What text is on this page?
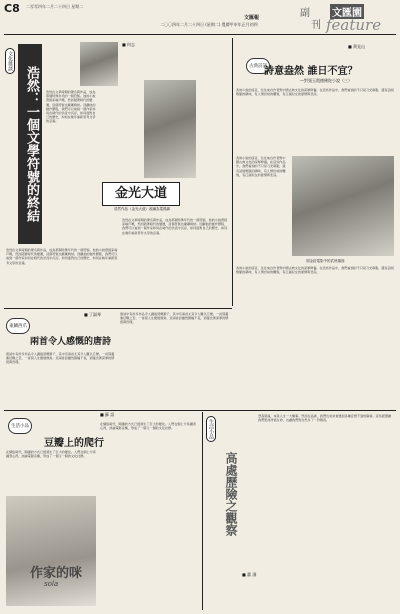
C8 二零零四年二月二十四日 星期二
二〇〇四年二月二十四日 (星期二) 農曆甲申年正月初四
文匯報	副
刊
文匯園
feature
文化雜談
浩然：一個文學符號的終結
■ 何志
浩然在文革時期的聲名與作品，成為那個特殊年代的一個符號。他的小說曾經家喻戶曉，然而隨著時代的變遷，這個符號也漸漸終結。回顧他的創作歷程，我們可以看到一個作家如何在時代的洪流中沉浮，如何面對自己的歷史，如何在晚年重新思考文學的意義。
金光大道
浩然作品《金光大道》改編為電視劇
浩然在文革時期的聲名與作品，成為那個特殊年代的一個符號。他的小說曾經家喻戶曉，然而隨著時代的變遷，這個符號也漸漸終結。回顧他的創作歷程，我們可以看到一個作家如何在時代的洪流中沉浮，如何面對自己的歷史，如何在晚年重新思考文學的意義。
浩然在文革時期的聲名與作品，成為那個特殊年代的一個符號。他的小說曾經家喻戶曉，然而隨著時代的變遷，這個符號也漸漸終結。回顧他的創作歷程，我們可以看到一個作家如何在時代的洪流中沉浮，如何面對自己的歷史，如何在晚年重新思考文學的意義。
■ 黃見山
古典詩話
詩意盎然 誰日不宜？
—對張玉霞德佛陀小說（三）
武俠小說的詩意，往往來自作者對中國古典文化的深厚修養。在這些作品中，我們看到的不只是刀光劍影，還有詩詞歌賦的韻味，有人情世故的體察，有江湖兒女的豪情與悲涼。
武俠小說的詩意，往往來自作者對中國古典文化的深厚修養。在這些作品中，我們看到的不只是刀光劍影，還有詩詞歌賦的韻味，有人情世故的體察，有江湖兒女的豪情與悲涼。
胡金銓電影中的武俠場面
武俠小說的詩意，往往來自作者對中國古典文化的深厚修養。在這些作品中，我們看到的不只是刀光劍影，還有詩詞歌賦的韻味，有人情世故的體察，有江湖兒女的豪情與悲涼。
東鱗西爪
■ 丁淑琴
兩首令人感慨的唐詩
唐詩中有許多作品令人讀後感慨萬千，其中有兩首尤其令人難以忘懷。一首寫邊塞征戰之苦，一首寫人生聚散無常。這兩首詩雖然篇幅不長，卻蘊含著深厚的情感與哲理。
唐詩中有許多作品令人讀後感慨萬千，其中有兩首尤其令人難以忘懷。一首寫邊塞征戰之苦，一首寫人生聚散無常。這兩首詩雖然篇幅不長，卻蘊含著深厚的情感與哲理。
生活小品
■ 蘇 語
豆瓣上的爬行
在網絡時代，閱讀的方式已經發生了巨大的變化。人們在網上分享讀書心得，評論電影音樂，形成了一個又一個的文化社群。
作家的咪
sola
在網絡時代，閱讀的方式已經發生了巨大的變化。人們在網上分享讀書心得，評論電影音樂，形成了一個又一個的文化社群。	生活小品
高處歷險之觀察
■ 蕭 濤
登高望遠，本是人生一大樂事。然而在高處，我們也常常會遇到各種意想不到的險境。這些經歷讓我們更加珍惜生命，也讓我們對自然多了一份敬畏。
